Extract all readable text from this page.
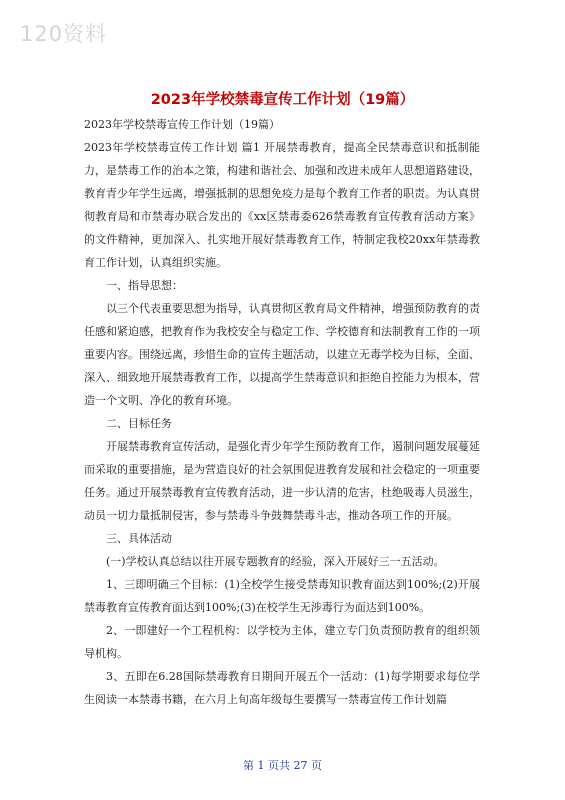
120资料
2023年学校禁毒宣传工作计划（19篇）

2023年学校禁毒宣传工作计划（19篇）

2023年学校禁毒宣传工作计划 篇1 开展禁毒教育，提高全民禁毒意识和抵制能力，是禁毒工作的治本之策，构建和谐社会、加强和改进未成年人思想道路建设，教育青少年学生远离，增强抵制的思想免疫力是每个教育工作者的职责。为认真贯彻教育局和市禁毒办联合发出的《xx区禁毒委626禁毒教育宣传教育活动方案》的文件精神，更加深入、扎实地开展好禁毒教育工作，特制定我校20xx年禁毒教育工作计划，认真组织实施。

一、指导思想：

以三个代表重要思想为指导，认真贯彻区教育局文件精神，增强预防教育的责任感和紧迫感，把教育作为我校安全与稳定工作、学校德育和法制教育工作的一项重要内容。围绕远离，珍惜生命的宣传主题活动，以建立无毒学校为目标，全面、深入、细致地开展禁毒教育工作，以提高学生禁毒意识和拒绝自控能力为根本，营造一个文明、净化的教育环境。

二、目标任务

开展禁毒教育宣传活动，是强化青少年学生预防教育工作，遏制问题发展蔓延而采取的重要措施，是为营造良好的社会氛围促进教育发展和社会稳定的一项重要任务。通过开展禁毒教育宣传教育活动，进一步认清的危害，杜绝吸毒人员滋生，动员一切力量抵制侵害，参与禁毒斗争鼓舞禁毒斗志，推动各项工作的开展。

三、具体活动

(一)学校认真总结以往开展专题教育的经验，深入开展好三一五活动。

1、三即明确三个目标：(1)全校学生接受禁毒知识教育面达到100%;(2)开展禁毒教育宣传教育面达到100%;(3)在校学生无涉毒行为面达到100%。

2、一即建好一个工程机构：以学校为主体，建立专门负责预防教育的组织领导机构。

3、五即在6.28国际禁毒教育日期间开展五个一活动：(1)每学期要求每位学生阅读一本禁毒书籍，在六月上旬高年级每生要撰写一禁毒宣传工作计划篇

第 1 页共 27 页
